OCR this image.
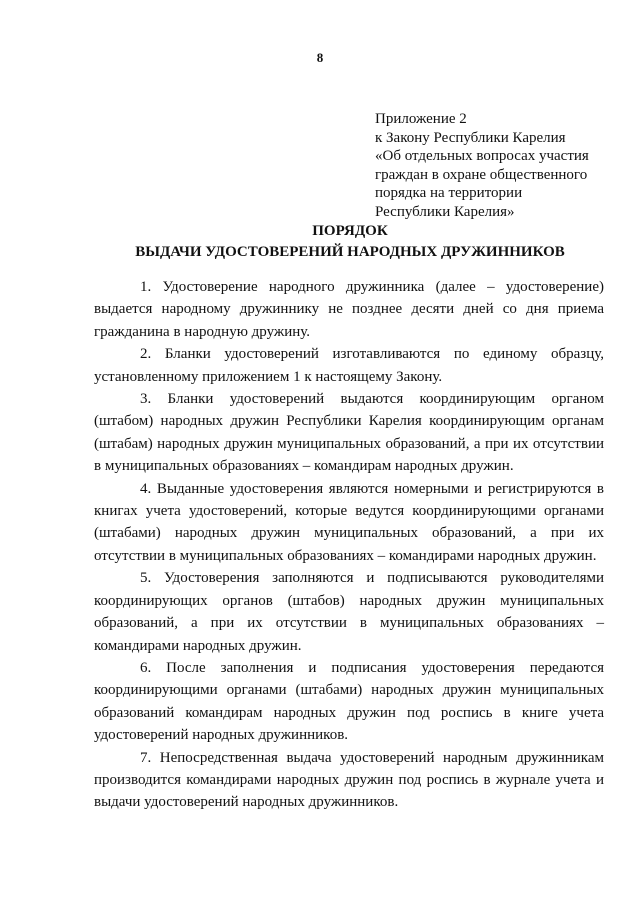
8
Приложение 2
к Закону Республики Карелия
«Об отдельных вопросах участия
граждан в охране общественного
порядка на территории
Республики Карелия»
ПОРЯДОК
ВЫДАЧИ УДОСТОВЕРЕНИЙ НАРОДНЫХ ДРУЖИННИКОВ

1. Удостоверение народного дружинника (далее – удостоверение) выдается народному дружиннику не позднее десяти дней со дня приема гражданина в народную дружину.

2. Бланки удостоверений изготавливаются по единому образцу, установленному приложением 1 к настоящему Закону.

3. Бланки удостоверений выдаются координирующим органом (штабом) народных дружин Республики Карелия координирующим органам (штабам) народных дружин муниципальных образований, а при их отсутствии в муниципальных образованиях – командирам народных дружин.

4. Выданные удостоверения являются номерными и регистрируются в книгах учета удостоверений, которые ведутся координирующими органами (штабами) народных дружин муниципальных образований, а при их отсутствии в муниципальных образованиях – командирами народных дружин.

5. Удостоверения заполняются и подписываются руководителями координирующих органов (штабов) народных дружин муниципальных образований, а при их отсутствии в муниципальных образованиях – командирами народных дружин.

6. После заполнения и подписания удостоверения передаются координирующими органами (штабами) народных дружин муниципальных образований командирам народных дружин под роспись в книге учета удостоверений народных дружинников.

7. Непосредственная выдача удостоверений народным дружинникам производится командирами народных дружин под роспись в журнале учета и выдачи удостоверений народных дружинников.
